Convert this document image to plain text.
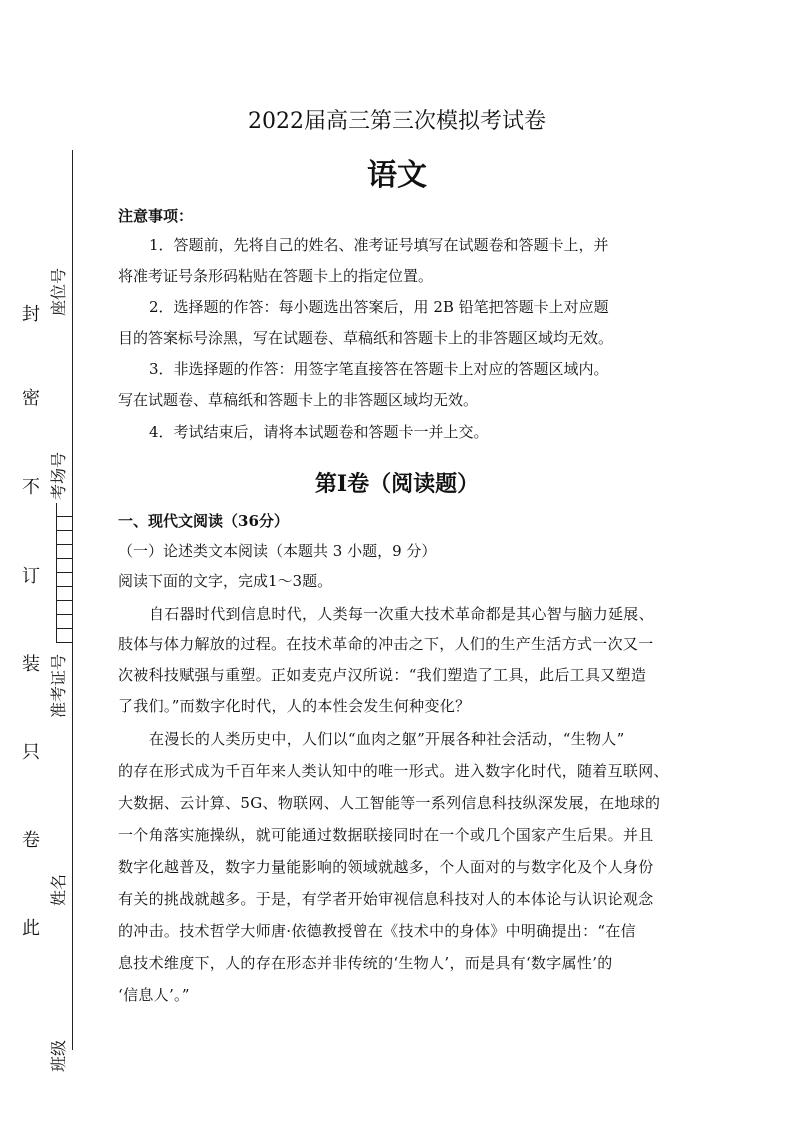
封
密
不
订
装
只
卷
此
座位号
考场号
准考证号
姓名
班级
2022届高三第三次模拟考试卷
语文
注意事项：
1．答题前，先将自己的姓名、准考证号填写在试题卷和答题卡上，并
将准考证号条形码粘贴在答题卡上的指定位置。
2．选择题的作答：每小题选出答案后，用 2B 铅笔把答题卡上对应题
目的答案标号涂黑，写在试题卷、草稿纸和答题卡上的非答题区域均无效。
3．非选择题的作答：用签字笔直接答在答题卡上对应的答题区域内。
写在试题卷、草稿纸和答题卡上的非答题区域均无效。
4．考试结束后，请将本试题卷和答题卡一并上交。
第Ⅰ卷（阅读题）
一、现代文阅读（36分）
（一）论述类文本阅读（本题共 3 小题，9 分）
阅读下面的文字，完成1～3题。
自石器时代到信息时代，人类每一次重大技术革命都是其心智与脑力延展、
肢体与体力解放的过程。在技术革命的冲击之下，人们的生产生活方式一次又一
次被科技赋强与重塑。正如麦克卢汉所说：“我们塑造了工具，此后工具又塑造
了我们。”而数字化时代，人的本性会发生何种变化？
在漫长的人类历史中，人们以“血肉之躯”开展各种社会活动，“生物人”
的存在形式成为千百年来人类认知中的唯一形式。进入数字化时代，随着互联网、
大数据、云计算、5G、物联网、人工智能等一系列信息科技纵深发展，在地球的
一个角落实施操纵，就可能通过数据联接同时在一个或几个国家产生后果。并且
数字化越普及，数字力量能影响的领域就越多，个人面对的与数字化及个人身份
有关的挑战就越多。于是，有学者开始审视信息科技对人的本体论与认识论观念
的冲击。技术哲学大师唐·依德教授曾在《技术中的身体》中明确提出：“在信
息技术维度下，人的存在形态并非传统的‘生物人’，而是具有‘数字属性’的
‘信息人’。”
